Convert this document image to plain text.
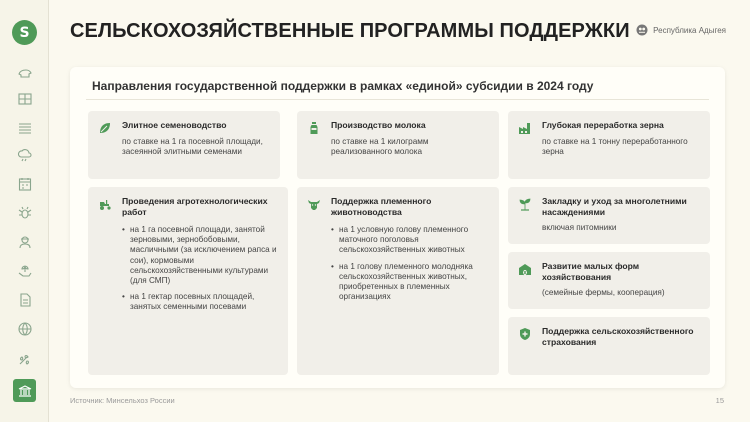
S СЕЛЬСКОХОЗЯЙСТВЕННЫЕ ПРОГРАММЫ ПОДДЕРЖКИ	Республика Адыгея
Направления государственной поддержки в рамках «единой» субсидии в 2024 году
Элитное семеноводство

по ставке на 1 га посевной площади, засеянной элитными семенами

Производство молока

по ставке на 1 килограмм реализованного молока

Глубокая переработка зерна

по ставке на 1 тонну переработанного зерна

Проведения агротехнологических работ
• на 1 га посевной площади, занятой зерновыми, зернобобовыми, масличными (за исключением рапса и сои), кормовыми сельскохозяйственными культурами (для СМП)
• на 1 гектар посевных площадей, занятых семенными посевами
Поддержка племенного животноводства
• на 1 условную голову племенного маточного поголовья сельскохозяйственных животных
• на 1 голову племенного молодняка сельскохозяйственных животных, приобретенных в племенных организациях
Закладку и уход за многолетними насаждениями

включая питомники

Развитие малых форм хозяйствования

(семейные фермы, кооперация)

Поддержка сельскохозяйственного страхования
Источник: Минсельхоз России	15
